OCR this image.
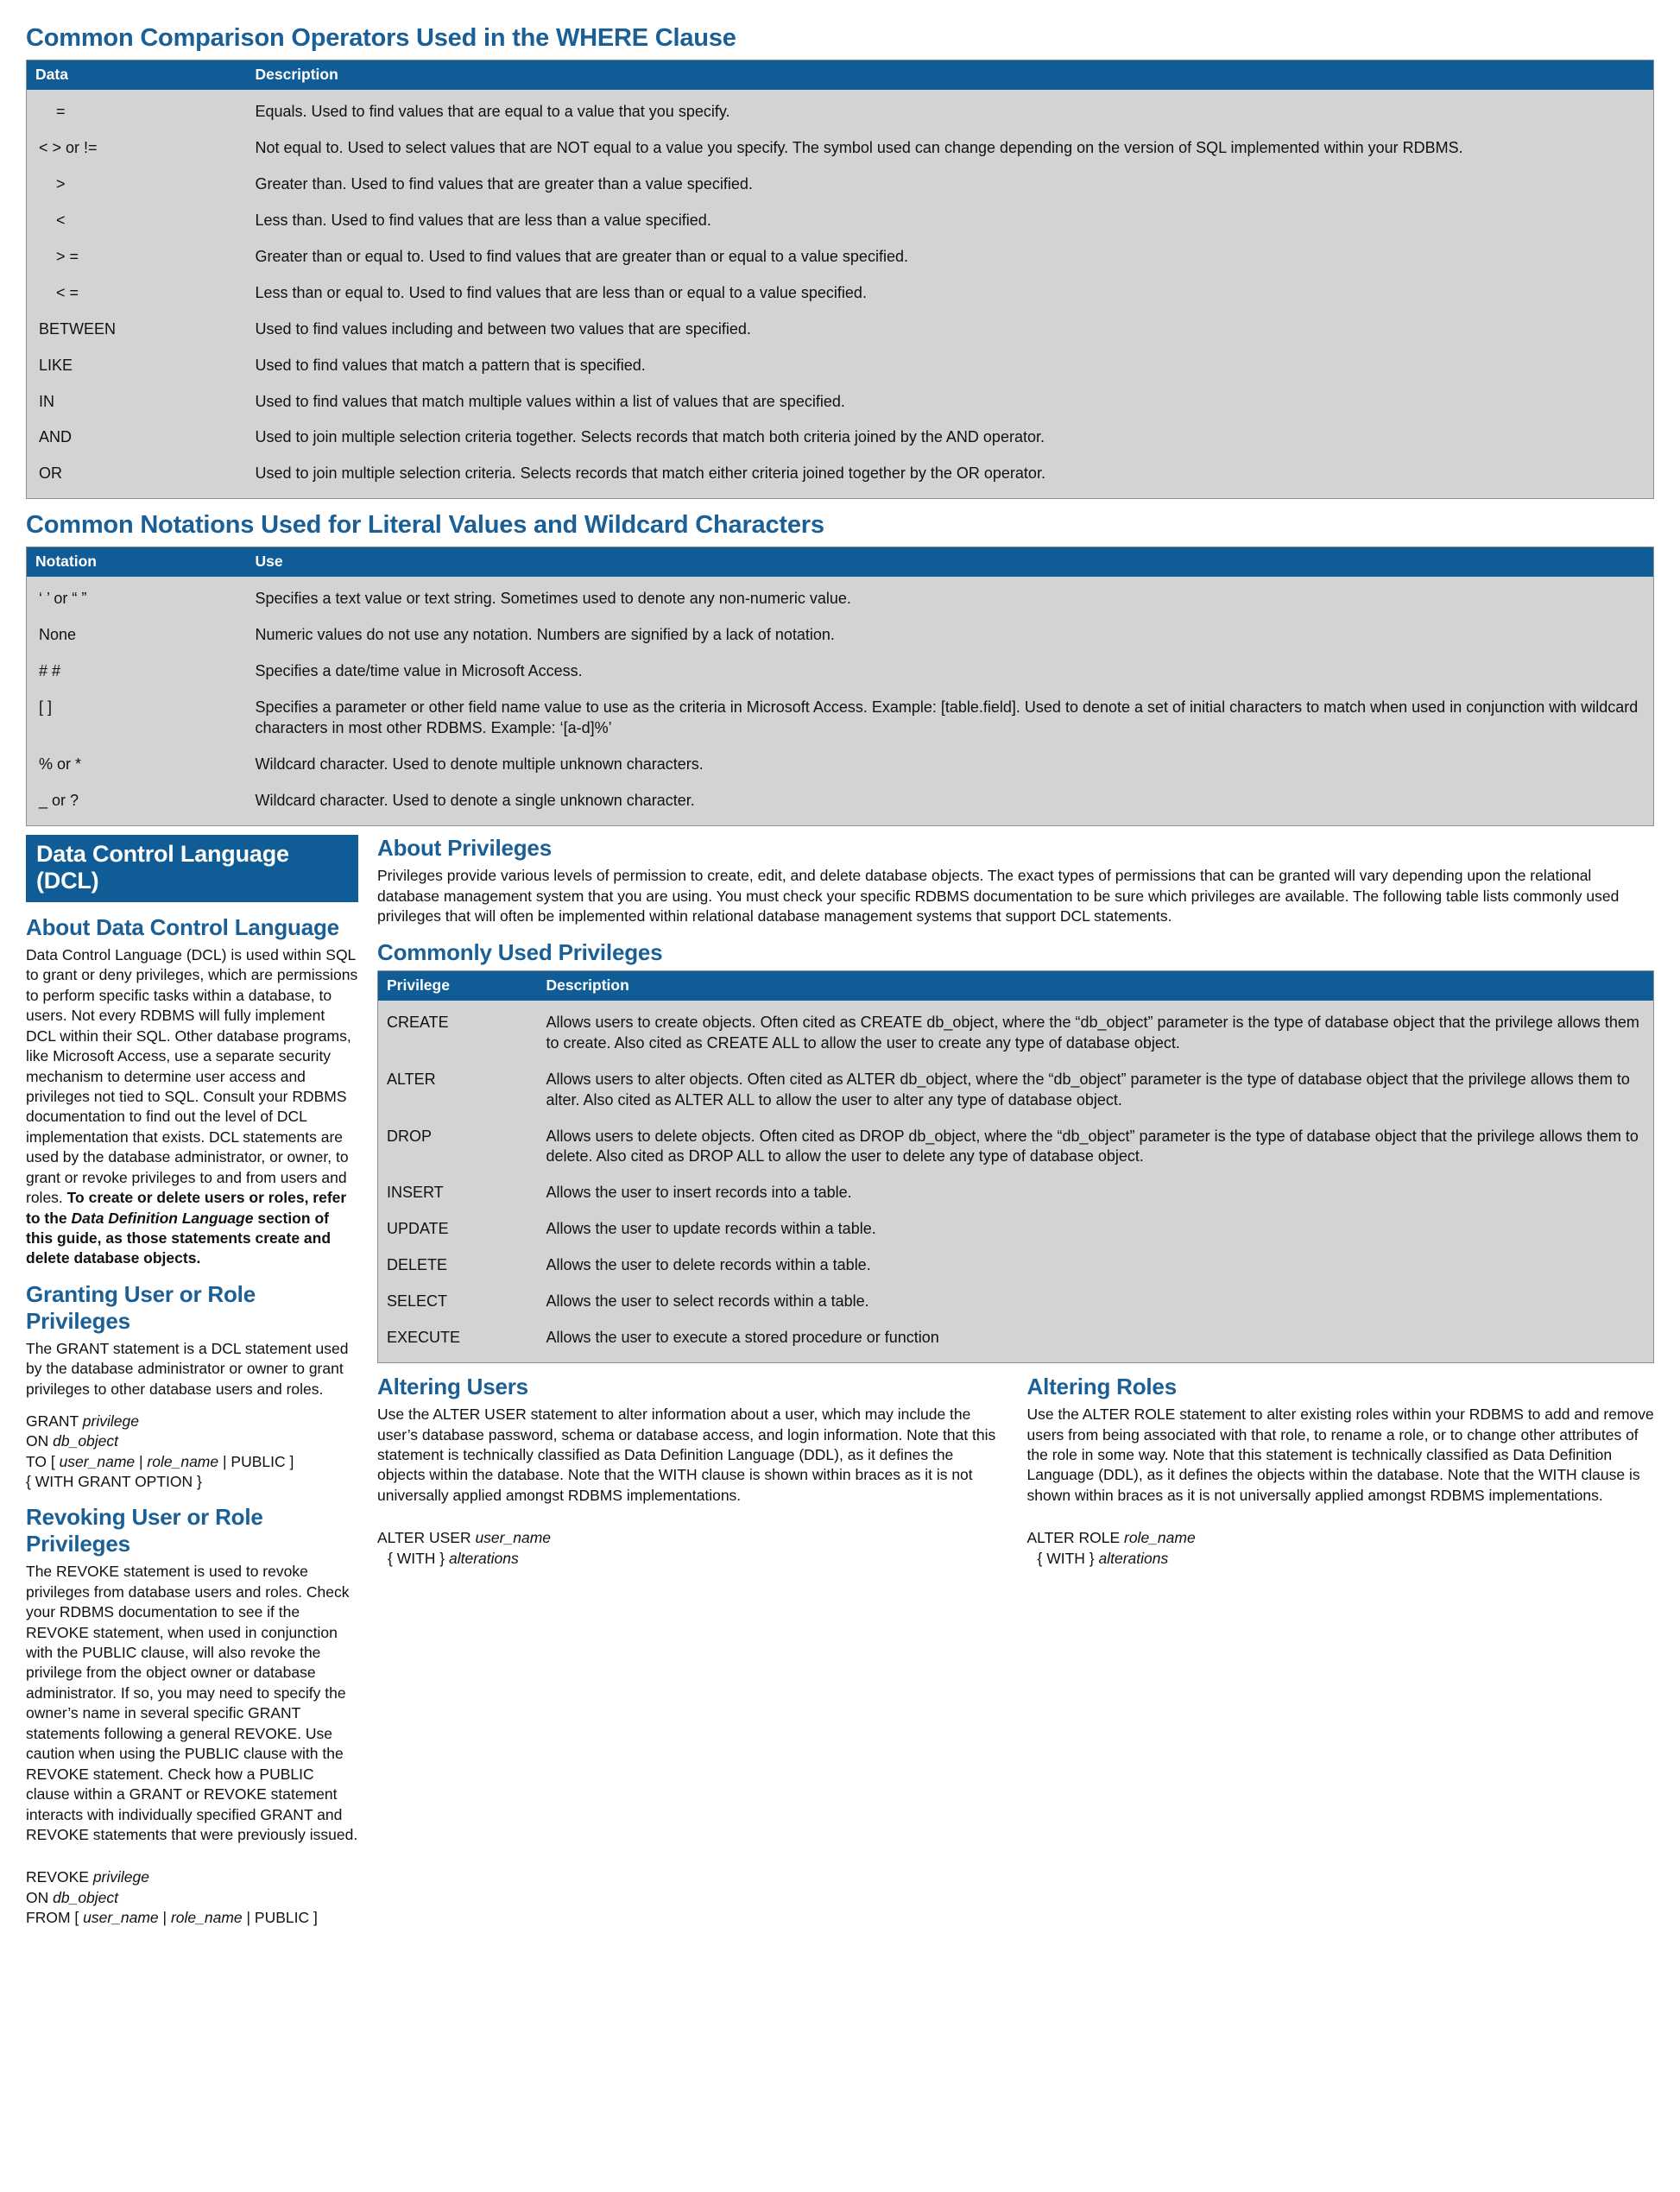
Common Comparison Operators Used in the WHERE Clause
Data	Description
=	Equals. Used to find values that are equal to a value that you specify.
< > or !=	Not equal to. Used to select values that are NOT equal to a value you specify. The symbol used can change depending on the version of SQL implemented within your RDBMS.
>	Greater than. Used to find values that are greater than a value specified.
<	Less than. Used to find values that are less than a value specified.
> =	Greater than or equal to. Used to find values that are greater than or equal to a value specified.
< =	Less than or equal to. Used to find values that are less than or equal to a value specified.
BETWEEN	Used to find values including and between two values that are specified.
LIKE	Used to find values that match a pattern that is specified.
IN	Used to find values that match multiple values within a list of values that are specified.
AND	Used to join multiple selection criteria together. Selects records that match both criteria joined by the AND operator.
OR	Used to join multiple selection criteria. Selects records that match either criteria joined together by the OR operator.
Common Notations Used for Literal Values and Wildcard Characters
Notation	Use
‘ ’ or “ ”	Specifies a text value or text string. Sometimes used to denote any non-numeric value.
None	Numeric values do not use any notation. Numbers are signified by a lack of notation.
# #	Specifies a date/time value in Microsoft Access.
[ ]	Specifies a parameter or other field name value to use as the criteria in Microsoft Access. Example: [table.field]. Used to denote a set of initial characters to match when used in conjunction with wildcard characters in most other RDBMS. Example: ‘[a-d]%’
% or *	Wildcard character. Used to denote multiple unknown characters.
_ or ?	Wildcard character. Used to denote a single unknown character.
Data Control Language (DCL)
About Data Control Language

Data Control Language (DCL) is used within SQL to grant or deny privileges, which are permissions to perform specific tasks within a database, to users. Not every RDBMS will fully implement DCL within their SQL. Other database programs, like Microsoft Access, use a separate security mechanism to determine user access and privileges not tied to SQL. Consult your RDBMS documentation to find out the level of DCL implementation that exists. DCL statements are used by the database administrator, or owner, to grant or revoke privileges to and from users and roles. To create or delete users or roles, refer to the Data Definition Language section of this guide, as those statements create and delete database objects.

Granting User or Role Privileges

The GRANT statement is a DCL statement used by the database administrator or owner to grant privileges to other database users and roles.

GRANT privilege
ON db_object
TO [ user_name | role_name | PUBLIC ]
{ WITH GRANT OPTION }
Revoking User or Role Privileges

The REVOKE statement is used to revoke privileges from database users and roles. Check your RDBMS documentation to see if the REVOKE statement, when used in conjunction with the PUBLIC clause, will also revoke the privilege from the object owner or database administrator. If so, you may need to specify the owner’s name in several specific GRANT statements following a general REVOKE. Use caution when using the PUBLIC clause with the REVOKE statement. Check how a PUBLIC clause within a GRANT or REVOKE statement interacts with individually specified GRANT and REVOKE statements that were previously issued.

REVOKE privilege
ON db_object
FROM [ user_name | role_name | PUBLIC ]
About Privileges

Privileges provide various levels of permission to create, edit, and delete database objects. The exact types of permissions that can be granted will vary depending upon the relational database management system that you are using. You must check your specific RDBMS documentation to be sure which privileges are available. The following table lists commonly used privileges that will often be implemented within relational database management systems that support DCL statements.

Commonly Used Privileges
Privilege	Description
CREATE	Allows users to create objects. Often cited as CREATE db_object, where the “db_object” parameter is the type of database object that the privilege allows them to create. Also cited as CREATE ALL to allow the user to create any type of database object.
ALTER	Allows users to alter objects. Often cited as ALTER db_object, where the “db_object” parameter is the type of database object that the privilege allows them to alter. Also cited as ALTER ALL to allow the user to alter any type of database object.
DROP	Allows users to delete objects. Often cited as DROP db_object, where the “db_object” parameter is the type of database object that the privilege allows them to delete. Also cited as DROP ALL to allow the user to delete any type of database object.
INSERT	Allows the user to insert records into a table.
UPDATE	Allows the user to update records within a table.
DELETE	Allows the user to delete records within a table.
SELECT	Allows the user to select records within a table.
EXECUTE	Allows the user to execute a stored procedure or function
Altering Users

Use the ALTER USER statement to alter information about a user, which may include the user’s database password, schema or database access, and login information. Note that this statement is technically classified as Data Definition Language (DDL), as it defines the objects within the database. Note that the WITH clause is shown within braces as it is not universally applied amongst RDBMS implementations.

ALTER USER user_name
{ WITH } alterations
Altering Roles

Use the ALTER ROLE statement to alter existing roles within your RDBMS to add and remove users from being associated with that role, to rename a role, or to change other attributes of the role in some way. Note that this statement is technically classified as Data Definition Language (DDL), as it defines the objects within the database. Note that the WITH clause is shown within braces as it is not universally applied amongst RDBMS implementations.

ALTER ROLE role_name
{ WITH } alterations
